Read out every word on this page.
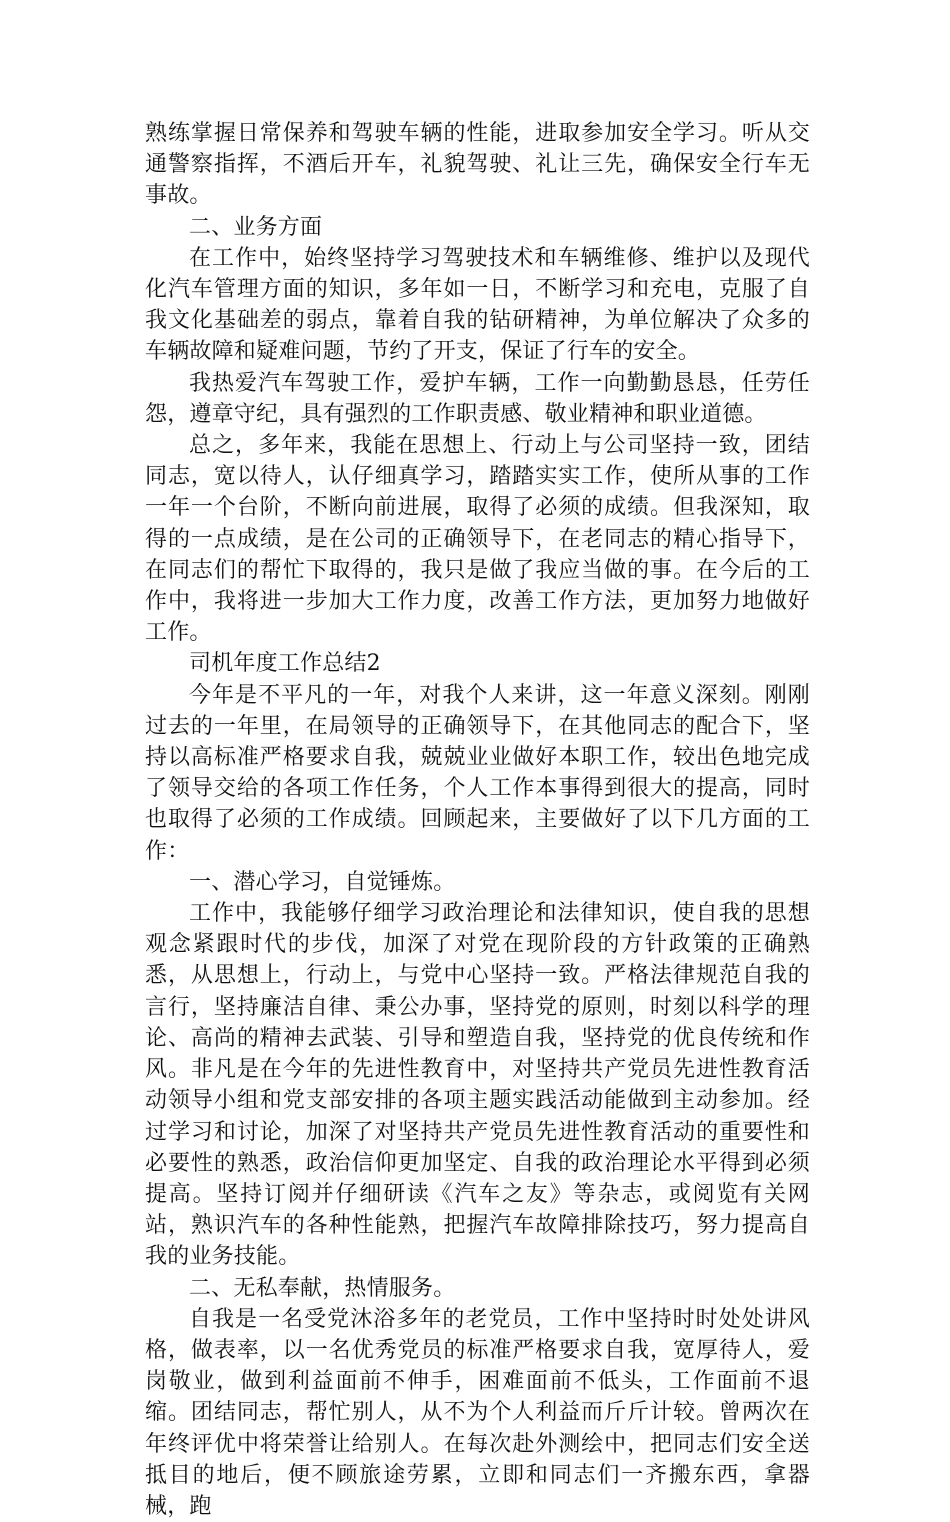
熟练掌握日常保养和驾驶车辆的性能，进取参加安全学习。听从交通警察指挥，不酒后开车，礼貌驾驶、礼让三先，确保安全行车无事故。

二、业务方面

在工作中，始终坚持学习驾驶技术和车辆维修、维护以及现代化汽车管理方面的知识，多年如一日，不断学习和充电，克服了自我文化基础差的弱点，靠着自我的钻研精神，为单位解决了众多的车辆故障和疑难问题，节约了开支，保证了行车的安全。

我热爱汽车驾驶工作，爱护车辆，工作一向勤勤恳恳，任劳任怨，遵章守纪，具有强烈的工作职责感、敬业精神和职业道德。

总之，多年来，我能在思想上、行动上与公司坚持一致，团结同志，宽以待人，认仔细真学习，踏踏实实工作，使所从事的工作一年一个台阶，不断向前进展，取得了必须的成绩。但我深知，取得的一点成绩，是在公司的正确领导下，在老同志的精心指导下，在同志们的帮忙下取得的，我只是做了我应当做的事。在今后的工作中，我将进一步加大工作力度，改善工作方法，更加努力地做好工作。

司机年度工作总结2

今年是不平凡的一年，对我个人来讲，这一年意义深刻。刚刚过去的一年里，在局领导的正确领导下，在其他同志的配合下，坚持以高标准严格要求自我，兢兢业业做好本职工作，较出色地完成了领导交给的各项工作任务，个人工作本事得到很大的提高，同时也取得了必须的工作成绩。回顾起来，主要做好了以下几方面的工作：

一、潜心学习，自觉锤炼。

工作中，我能够仔细学习政治理论和法律知识，使自我的思想观念紧跟时代的步伐，加深了对党在现阶段的方针政策的正确熟悉，从思想上，行动上，与党中心坚持一致。严格法律规范自我的言行，坚持廉洁自律、秉公办事，坚持党的原则，时刻以科学的理论、高尚的精神去武装、引导和塑造自我，坚持党的优良传统和作风。非凡是在今年的先进性教育中，对坚持共产党员先进性教育活动领导小组和党支部安排的各项主题实践活动能做到主动参加。经过学习和讨论，加深了对坚持共产党员先进性教育活动的重要性和必要性的熟悉，政治信仰更加坚定、自我的政治理论水平得到必须提高。坚持订阅并仔细研读《汽车之友》等杂志，或阅览有关网站，熟识汽车的各种性能熟，把握汽车故障排除技巧，努力提高自我的业务技能。

二、无私奉献，热情服务。

自我是一名受党沐浴多年的老党员，工作中坚持时时处处讲风格，做表率，以一名优秀党员的标准严格要求自我，宽厚待人，爱岗敬业，做到利益面前不伸手，困难面前不低头，工作面前不退缩。团结同志，帮忙别人，从不为个人利益而斤斤计较。曾两次在年终评优中将荣誉让给别人。在每次赴外测绘中，把同志们安全送抵目的地后，便不顾旅途劳累，立即和同志们一齐搬东西，拿器械，跑
